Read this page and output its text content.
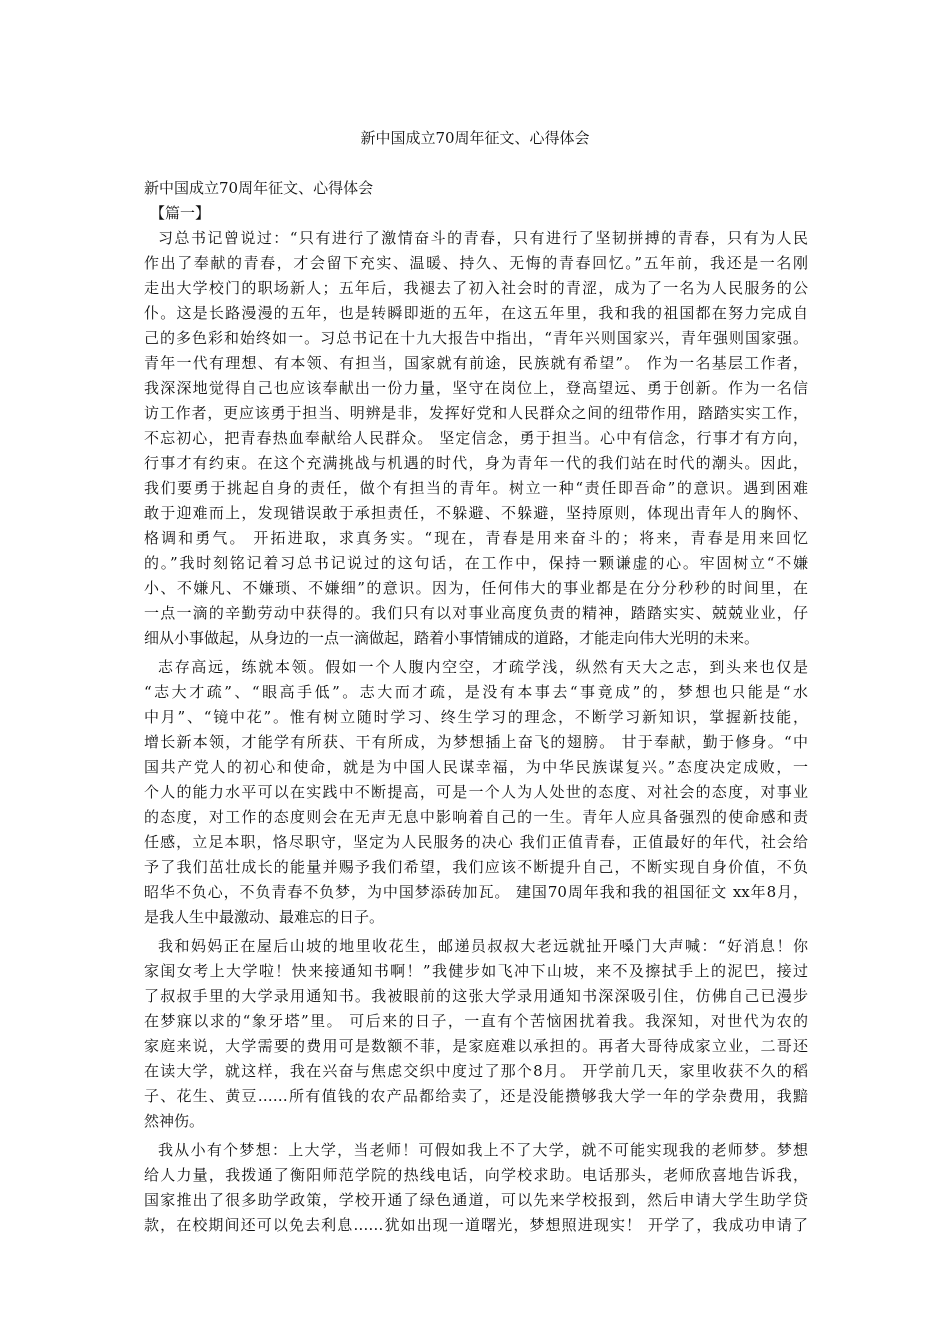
新中国成立70周年征文、心得体会
新中国成立70周年征文、心得体会
【篇一】
习总书记曾说过：“只有进行了激情奋斗的青春，只有进行了坚韧拼搏的青春，只有为人民
作出了奉献的青春，才会留下充实、温暖、持久、无悔的青春回忆。”五年前，我还是一名刚
走出大学校门的职场新人；五年后，我褪去了初入社会时的青涩，成为了一名为人民服务的公
仆。这是长路漫漫的五年，也是转瞬即逝的五年，在这五年里，我和我的祖国都在努力完成自
己的多色彩和始终如一。习总书记在十九大报告中指出，“青年兴则国家兴，青年强则国家强。
青年一代有理想、有本领、有担当，国家就有前途，民族就有希望”。 作为一名基层工作者，
我深深地觉得自己也应该奉献出一份力量，坚守在岗位上，登高望远、勇于创新。作为一名信
访工作者，更应该勇于担当、明辨是非，发挥好党和人民群众之间的纽带作用，踏踏实实工作，
不忘初心，把青春热血奉献给人民群众。 坚定信念，勇于担当。心中有信念，行事才有方向，
行事才有约束。在这个充满挑战与机遇的时代，身为青年一代的我们站在时代的潮头。因此，
我们要勇于挑起自身的责任，做个有担当的青年。树立一种“责任即吾命”的意识。遇到困难
敢于迎难而上，发现错误敢于承担责任，不躲避、不躲避，坚持原则，体现出青年人的胸怀、
格调和勇气。 开拓进取，求真务实。“现在，青春是用来奋斗的；将来，青春是用来回忆
的。”我时刻铭记着习总书记说过的这句话，在工作中，保持一颗谦虚的心。牢固树立“不嫌
小、不嫌凡、不嫌琐、不嫌细”的意识。因为，任何伟大的事业都是在分分秒秒的时间里，在
一点一滴的辛勤劳动中获得的。我们只有以对事业高度负责的精神，踏踏实实、兢兢业业，仔
细从小事做起，从身边的一点一滴做起，踏着小事情铺成的道路，才能走向伟大光明的未来。
志存高远，练就本领。假如一个人腹内空空，才疏学浅，纵然有天大之志，到头来也仅是
“志大才疏”、“眼高手低”。志大而才疏，是没有本事去“事竟成”的，梦想也只能是“水
中月”、“镜中花”。惟有树立随时学习、终生学习的理念，不断学习新知识，掌握新技能，
增长新本领，才能学有所获、干有所成，为梦想插上奋飞的翅膀。 甘于奉献，勤于修身。“中
国共产党人的初心和使命，就是为中国人民谋幸福，为中华民族谋复兴。”态度决定成败，一
个人的能力水平可以在实践中不断提高，可是一个人为人处世的态度、对社会的态度，对事业
的态度，对工作的态度则会在无声无息中影响着自己的一生。青年人应具备强烈的使命感和责
任感，立足本职，恪尽职守，坚定为人民服务的决心 我们正值青春，正值最好的年代，社会给
予了我们茁壮成长的能量并赐予我们希望，我们应该不断提升自己，不断实现自身价值，不负
昭华不负心，不负青春不负梦，为中国梦添砖加瓦。 建国70周年我和我的祖国征文 xx年8月，
是我人生中最激动、最难忘的日子。
我和妈妈正在屋后山坡的地里收花生，邮递员叔叔大老远就扯开嗓门大声喊：“好消息！你
家闺女考上大学啦！快来接通知书啊！”我健步如飞冲下山坡，来不及擦拭手上的泥巴，接过
了叔叔手里的大学录用通知书。我被眼前的这张大学录用通知书深深吸引住，仿佛自己已漫步
在梦寐以求的“象牙塔”里。 可后来的日子，一直有个苦恼困扰着我。我深知，对世代为农的
家庭来说，大学需要的费用可是数额不菲，是家庭难以承担的。再者大哥待成家立业，二哥还
在读大学，就这样，我在兴奋与焦虑交织中度过了那个8月。 开学前几天，家里收获不久的稻
子、花生、黄豆……所有值钱的农产品都给卖了，还是没能攒够我大学一年的学杂费用，我黯
然神伤。
我从小有个梦想：上大学，当老师！可假如我上不了大学，就不可能实现我的老师梦。梦想
给人力量，我拨通了衡阳师范学院的热线电话，向学校求助。电话那头，老师欣喜地告诉我，
国家推出了很多助学政策，学校开通了绿色通道，可以先来学校报到，然后申请大学生助学贷
款，在校期间还可以免去利息……犹如出现一道曙光，梦想照进现实！ 开学了，我成功申请了
